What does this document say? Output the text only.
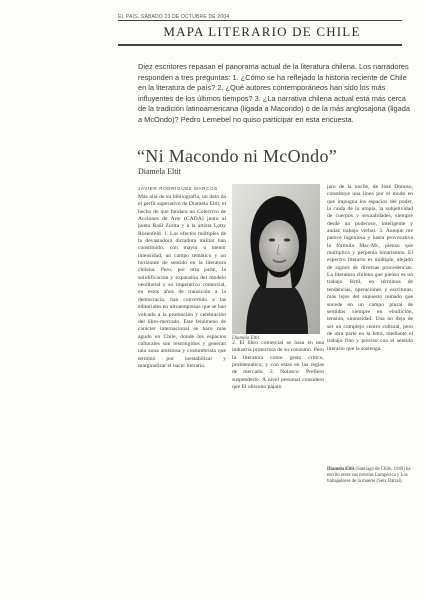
EL PAÍS, SÁBADO 23 DE OCTUBRE DE 2004
MAPA LITERARIO DE CHILE
Diez escritores repasan el panorama actual de la literatura chilena. Los narradores responden a tres preguntas: 1. ¿Cómo se ha reflejado la historia reciente de Chile en la literatura de país? 2. ¿Qué autores contemporáneos han sido los más influyentes de los últimos tiempos? 3. ¿La narrativa chilena actual está más cerca de la tradición latinoamericana (ligada a Macondo) o de la más anglosajona (ligada a McOndo)? Pedro Lemebel no quiso participar en esta encuesta.
“Ni Macondo ni McOndo”
Diamela Eltit
JAVIER RODRÍGUEZ MARCOS

Más allá de su bibliografía, un dato da el perfil superativo de Diamela Eltit, el hecho de que fundara un Colectivo de Acciones de Arte (CADA) junto al poeta Raúl Zurita y a la artista Lotty Rosenfeld. 1. Los efectos múltiples de la devastadora dictadura militar han constituido, con mayor o menor intensidad, un campo temático y un horizonte de sentido en la literatura chilena. Pero, por otra parte, la solidificación y expansión del modelo neoliberal y su imperativo comercial, en estos años de transición a la democracia, han convertido a las editoriales en ultraempresas que se han volcado a la promoción y celebración del libro-mercado. Este fenómeno de carácter internacional se hace más agudo en Chile, donde los espacios culturales son restringidos y generan una zona amistosa y costumbrista que terminó por inestabilizar y marginalizar el hacer literario.

Diamela Eltit.

2. El libro comercial se basa en una industria protectora de su consumo. Pero la literatura como gesto crítico, problemático, y con estas en las reglas de mercado. 2. Nolasco: Prefiero suspenderlo. A nivel personal considero que El obsceno pájaro

jaro de la noche, de José Donoso, constituye una línea por el modo en que impugna los espacios del poder, la caída de la utopía, la subjetividad de cuerpos y sexualidades, siempre desde un poderoso, inteligente y audaz trabajo verbal. 3. Aunque me parece ingeniosa y hasta provocativa la fórmula Mac-Mc, pienso que multiplica y perpetúa binarismos. El espectro literario es múltiple, alejado de signos de diversas procedencias. La literatura chilena que pienso es un trabajo fértil, en términos de tendencias, operaciones y escrituras, más lejos del supuesto reinado que sucede en un campo plural de sentidos siempre en ebullición, tensión, sinuosidad. Una no deja de ser un complejo centro cultural, pero de otra parte en la letra, mediante el trabajo fino y preciso con el sentido literario que la sostenga.

Diamela Eltit (Santiago de Chile, 1949) ha escrito entre sus novelas Lumpérica y Los trabajadores de la muerte (Seix Barral).
